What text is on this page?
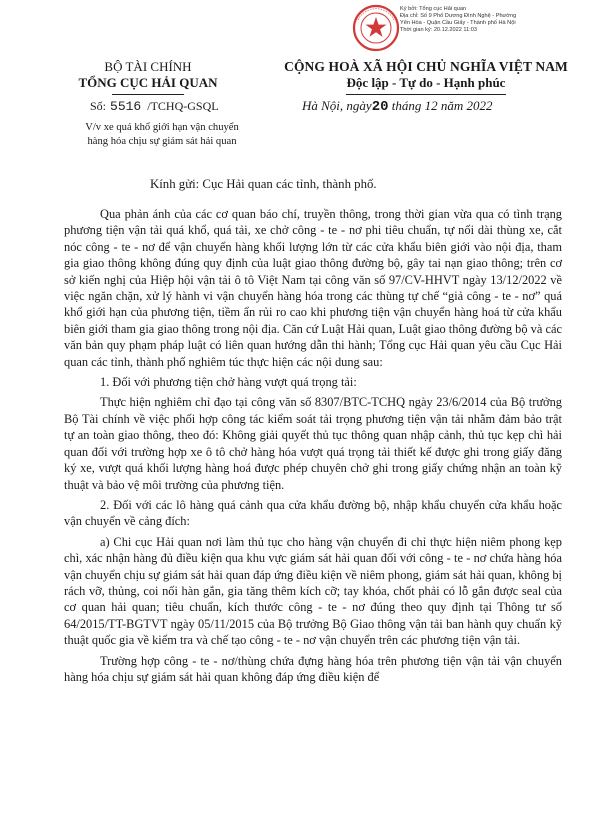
Ký bởi: Tổng cục Hải quan
Địa chỉ: Số 9 Phố Dương Đình Nghệ - Phường
Yên Hòa - Quận Cầu Giấy - Thành phố Hà Nội
Thời gian ký: 20.12.2022 11:03
BỘ TÀI CHÍNH
TỔNG CỤC HẢI QUAN
CỘNG HOÀ XÃ HỘI CHỦ NGHĨA VIỆT NAM
Độc lập - Tự do - Hạnh phúc
Số: 5516 /TCHQ-GSQL	Hà Nội, ngày20 tháng 12 năm 2022
V/v xe quá khổ giới hạn vận chuyển
hàng hóa chịu sự giám sát hải quan
Kính gửi: Cục Hải quan các tỉnh, thành phố.

Qua phản ánh của các cơ quan báo chí, truyền thông, trong thời gian vừa qua có tình trạng phương tiện vận tải quá khổ, quá tải, xe chở công - te - nơ phi tiêu chuẩn, tự nối dài thùng xe, cắt nóc công - te - nơ để vận chuyển hàng khối lượng lớn từ các cửa khẩu biên giới vào nội địa, tham gia giao thông không đúng quy định của luật giao thông đường bộ, gây tai nạn giao thông; trên cơ sở kiến nghị của Hiệp hội vận tải ô tô Việt Nam tại công văn số 97/CV-HHVT ngày 13/12/2022 về việc ngăn chặn, xử lý hành vi vận chuyển hàng hóa trong các thùng tự chế “giả công - te - nơ” quá khổ giới hạn của phương tiện, tiềm ẩn rủi ro cao khi phương tiện vận chuyển hàng hoá từ cửa khẩu biên giới tham gia giao thông trong nội địa. Căn cứ Luật Hải quan, Luật giao thông đường bộ và các văn bản quy phạm pháp luật có liên quan hướng dẫn thi hành; Tổng cục Hải quan yêu cầu Cục Hải quan các tỉnh, thành phố nghiêm túc thực hiện các nội dung sau:

1. Đối với phương tiện chở hàng vượt quá trọng tải:

Thực hiện nghiêm chỉ đạo tại công văn số 8307/BTC-TCHQ ngày 23/6/2014 của Bộ trưởng Bộ Tài chính về việc phối hợp công tác kiểm soát tải trọng phương tiện vận tải nhằm đảm bảo trật tự an toàn giao thông, theo đó: Không giải quyết thủ tục thông quan nhập cảnh, thủ tục kẹp chì hải quan đối với trường hợp xe ô tô chở hàng hóa vượt quá trọng tải thiết kế được ghi trong giấy đăng ký xe, vượt quá khối lượng hàng hoá được phép chuyên chở ghi trong giấy chứng nhận an toàn kỹ thuật và bảo vệ môi trường của phương tiện.

2. Đối với các lô hàng quá cảnh qua cửa khẩu đường bộ, nhập khẩu chuyển cửa khẩu hoặc vận chuyển về cảng đích:

a) Chi cục Hải quan nơi làm thủ tục cho hàng vận chuyển đi chỉ thực hiện niêm phong kẹp chì, xác nhận hàng đủ điều kiện qua khu vực giám sát hải quan đối với công - te - nơ chứa hàng hóa vận chuyển chịu sự giám sát hải quan đáp ứng điều kiện về niêm phong, giám sát hải quan, không bị rách vỡ, thủng, coi nối hàn gắn, gia tăng thêm kích cỡ; tay khóa, chốt phải có lỗ gắn được seal của cơ quan hải quan; tiêu chuẩn, kích thước công - te - nơ đúng theo quy định tại Thông tư số 64/2015/TT-BGTVT ngày 05/11/2015 của Bộ trưởng Bộ Giao thông vận tải ban hành quy chuẩn kỹ thuật quốc gia về kiểm tra và chế tạo công - te - nơ vận chuyển trên các phương tiện vận tải.

Trường hợp công - te - nơ/thùng chứa đựng hàng hóa trên phương tiện vận tải vận chuyển hàng hóa chịu sự giám sát hải quan không đáp ứng điều kiện để
